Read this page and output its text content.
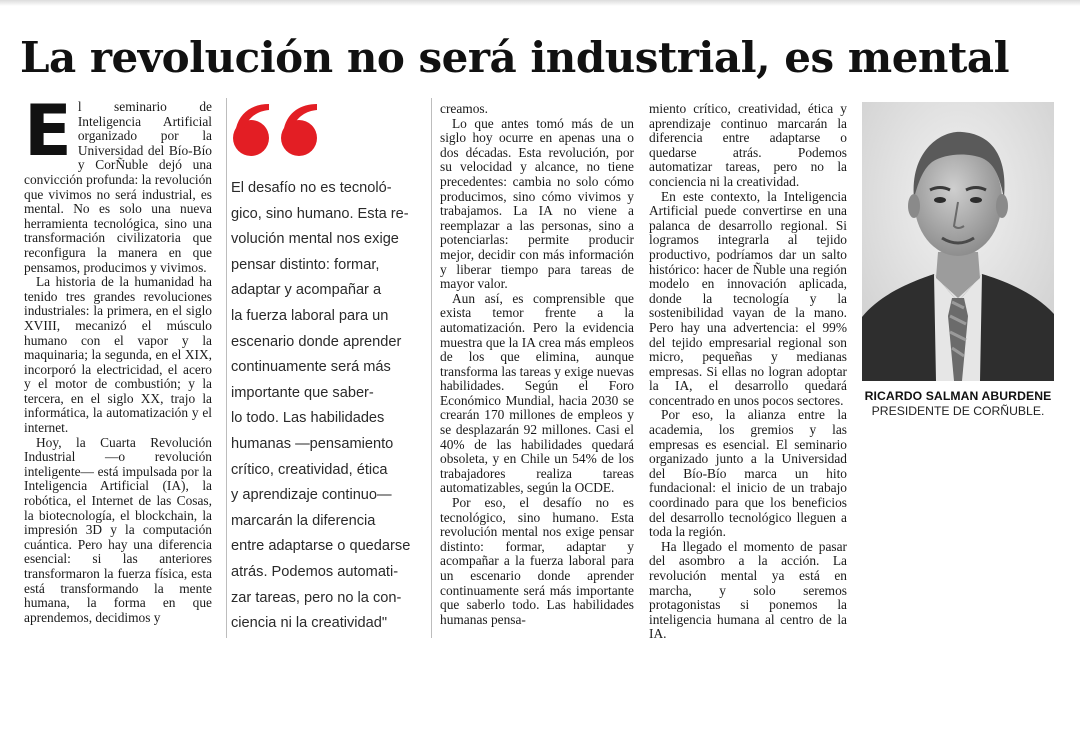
La revolución no será industrial, es mental

El seminario de Inteligencia Artificial organizado por la Universidad del Bío-Bío y CorÑuble dejó una convicción profunda: la revolución que vivimos no será industrial, es mental. No es solo una nueva herramienta tecnológica, sino una transformación civilizatoria que reconfigura la manera en que pensamos, producimos y vivimos.

La historia de la humanidad ha tenido tres grandes revoluciones industriales: la primera, en el siglo XVIII, mecanizó el músculo humano con el vapor y la maquinaria; la segunda, en el XIX, incorporó la electricidad, el acero y el motor de combustión; y la tercera, en el siglo XX, trajo la informática, la automatización y el internet.

Hoy, la Cuarta Revolución Industrial —o revolución inteligente— está impulsada por la Inteligencia Artificial (IA), la robótica, el Internet de las Cosas, la biotecnología, el blockchain, la impresión 3D y la computación cuántica. Pero hay una diferencia esencial: si las anteriores transformaron la fuerza física, esta está transformando la mente humana, la forma en que aprendemos, decidimos y

El desafío no es tecnoló-
gico, sino humano. Esta re-
volución mental nos exige
pensar distinto: formar,
adaptar y acompañar a
la fuerza laboral para un
escenario donde aprender
continuamente será más
importante que saber-
lo todo. Las habilidades
humanas —pensamiento
crítico, creatividad, ética
y aprendizaje continuo—
marcarán la diferencia
entre adaptarse o quedarse
atrás. Podemos automati-
zar tareas, pero no la con-
ciencia ni la creatividad"

creamos.

Lo que antes tomó más de un siglo hoy ocurre en apenas una o dos décadas. Esta revolución, por su velocidad y alcance, no tiene precedentes: cambia no solo cómo producimos, sino cómo vivimos y trabajamos. La IA no viene a reemplazar a las personas, sino a potenciarlas: permite producir mejor, decidir con más información y liberar tiempo para tareas de mayor valor.

Aun así, es comprensible que exista temor frente a la automatización. Pero la evidencia muestra que la IA crea más empleos de los que elimina, aunque transforma las tareas y exige nuevas habilidades. Según el Foro Económico Mundial, hacia 2030 se crearán 170 millones de empleos y se desplazarán 92 millones. Casi el 40% de las habilidades quedará obsoleta, y en Chile un 54% de los trabajadores realiza tareas automatizables, según la OCDE.

Por eso, el desafío no es tecnológico, sino humano. Esta revolución mental nos exige pensar distinto: formar, adaptar y acompañar a la fuerza laboral para un escenario donde aprender continuamente será más importante que saberlo todo. Las habilidades humanas pensa-

miento crítico, creatividad, ética y aprendizaje continuo marcarán la diferencia entre adaptarse o quedarse atrás. Podemos automatizar tareas, pero no la conciencia ni la creatividad.

En este contexto, la Inteligencia Artificial puede convertirse en una palanca de desarrollo regional. Si logramos integrarla al tejido productivo, podríamos dar un salto histórico: hacer de Ñuble una región modelo en innovación aplicada, donde la tecnología y la sostenibilidad vayan de la mano. Pero hay una advertencia: el 99% del tejido empresarial regional son micro, pequeñas y medianas empresas. Si ellas no logran adoptar la IA, el desarrollo quedará concentrado en unos pocos sectores.

Por eso, la alianza entre la academia, los gremios y las empresas es esencial. El seminario organizado junto a la Universidad del Bío-Bío marca un hito fundacional: el inicio de un trabajo coordinado para que los beneficios del desarrollo tecnológico lleguen a toda la región.

Ha llegado el momento de pasar del asombro a la acción. La revolución mental ya está en marcha, y solo seremos protagonistas si ponemos la inteligencia humana al centro de la IA.

RICARDO SALMAN ABURDENE
PRESIDENTE DE CORÑUBLE.
